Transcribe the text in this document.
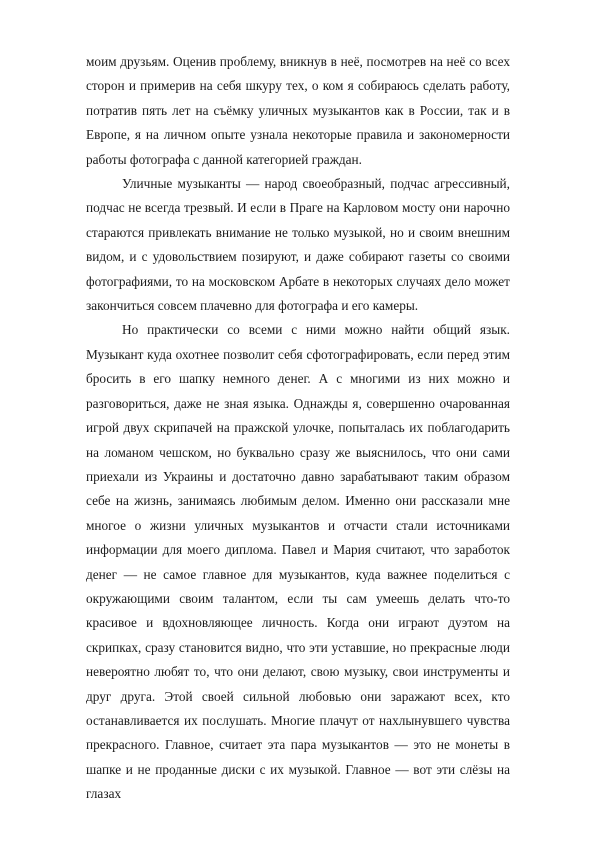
моим друзьям. Оценив проблему, вникнув в неё, посмотрев на неё со всех сторон и примерив на себя шкуру тех, о ком я собираюсь сделать работу, потратив пять лет на съёмку уличных музыкантов как в России, так и в Европе, я на личном опыте узнала некоторые правила и закономерности работы фотографа с данной категорией граждан.

Уличные музыканты — народ своеобразный, подчас агрессивный, подчас не всегда трезвый. И если в Праге на Карловом мосту они нарочно стараются привлекать внимание не только музыкой, но и своим внешним видом, и с удовольствием позируют, и даже собирают газеты со своими фотографиями, то на московском Арбате в некоторых случаях дело может закончиться совсем плачевно для фотографа и его камеры.

Но практически со всеми с ними можно найти общий язык. Музыкант куда охотнее позволит себя сфотографировать, если перед этим бросить в его шапку немного денег. А с многими из них можно и разговориться, даже не зная языка. Однажды я, совершенно очарованная игрой двух скрипачей на пражской улочке, попыталась их поблагодарить на ломаном чешском, но буквально сразу же выяснилось, что они сами приехали из Украины и достаточно давно зарабатывают таким образом себе на жизнь, занимаясь любимым делом. Именно они рассказали мне многое о жизни уличных музыкантов и отчасти стали источниками информации для моего диплома. Павел и Мария считают, что заработок денег — не самое главное для музыкантов, куда важнее поделиться с окружающими своим талантом, если ты сам умеешь делать что-то красивое и вдохновляющее личность. Когда они играют дуэтом на скрипках, сразу становится видно, что эти уставшие, но прекрасные люди невероятно любят то, что они делают, свою музыку, свои инструменты и друг друга. Этой своей сильной любовью они заражают всех, кто останавливается их послушать. Многие плачут от нахлынувшего чувства прекрасного. Главное, считает эта пара музыкантов — это не монеты в шапке и не проданные диски с их музыкой. Главное — вот эти слёзы на глазах
